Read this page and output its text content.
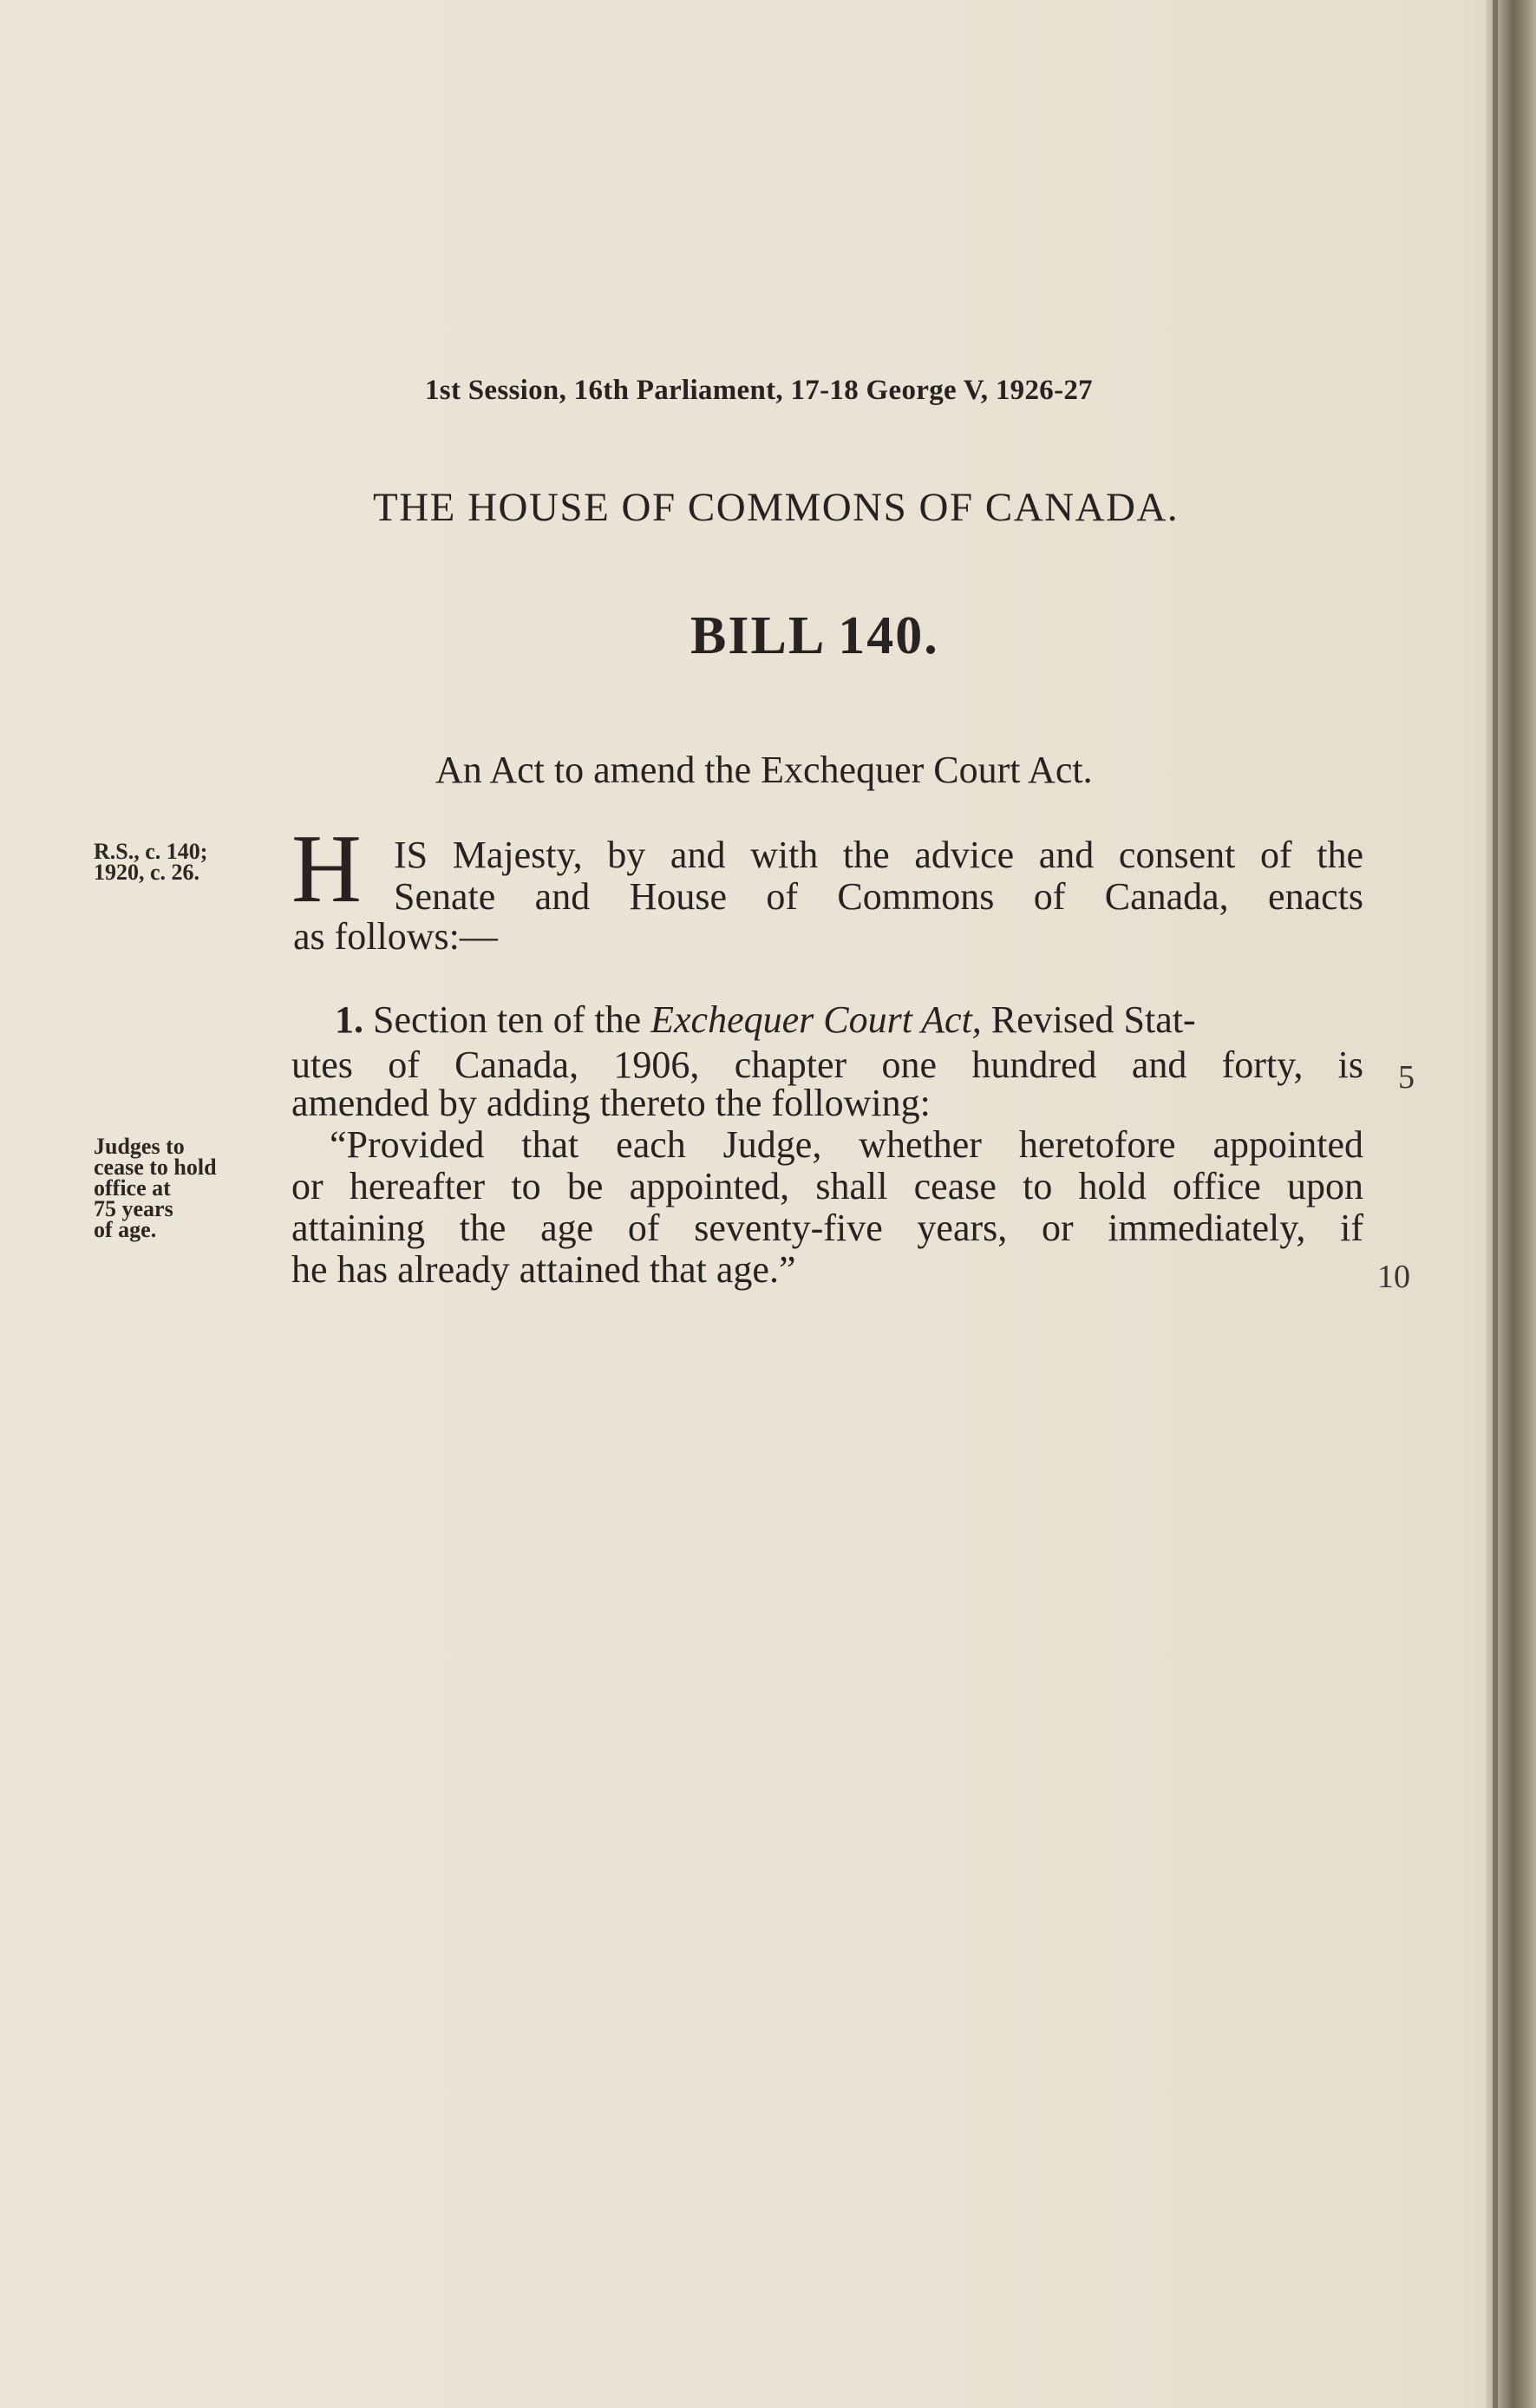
1st Session, 16th Parliament, 17-18 George V, 1926-27
THE HOUSE OF COMMONS OF CANADA.
BILL 140.
An Act to amend the Exchequer Court Act.
R.S., c. 140;
1920, c. 26.
Judges to
cease to hold
office at
75 years
of age.
H IS Majesty, by and with the advice and consent of the
Senate and House of Commons of Canada, enacts
as follows:—
1. Section ten of the Exchequer Court Act, Revised Stat-
utes of Canada, 1906, chapter one hundred and forty, is
amended by adding thereto the following:
“Provided that each Judge, whether heretofore appointed
or hereafter to be appointed, shall cease to hold office upon
attaining the age of seventy-five years, or immediately, if
he has already attained that age.”
5
10
